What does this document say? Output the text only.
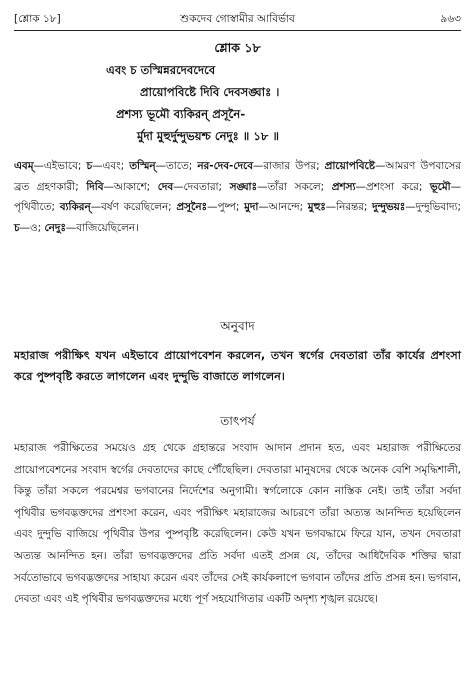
[শ্লোক ১৮]	শুকদেব গোস্বামীর আবির্ভাব	৯৬৩
শ্লোক ১৮
এবং চ তস্মিন্নরদেবদেবে
প্রায়োপবিষ্টে দিবি দেবসঙ্ঘাঃ ।
প্রশস্য ভূমৌ ব্যকিরন্‌ প্রসূনৈ-
র্মুদা মুহুর্দুন্দুভয়শ্চ নেদুঃ ॥ ১৮ ॥
এবম্‌—এইভাবে; চ—এবং; তস্মিন্‌—তাতে; নর-দেব-দেবে—রাজার উপর; প্রায়োপবিষ্টে—আমরণ উপবাসের ব্রত গ্রহণকারী; দিবি—আকাশে; দেব—দেবতারা; সঙ্ঘাঃ—তাঁরা সকলে; প্রশস্য—প্রশংসা করে; ভূমৌ—পৃথিবীতে; ব্যকিরন্‌—বর্ষণ করেছিলেন; প্রসূনৈঃ—পুষ্প; মুদা—আনন্দে; মুহুঃ—নিরন্তর; দুন্দুভয়ঃ—দুন্দুভিবাদ্য; চ—ও; নেদুঃ—বাজিয়েছিলেন।
অনুবাদ
মহারাজ পরীক্ষিৎ যখন এইভাবে প্রায়োপবেশন করলেন, তখন স্বর্গের দেবতারা তাঁর কার্যের প্রশংসা করে পুষ্পবৃষ্টি করতে লাগলেন এবং দুন্দুভি বাজাতে লাগলেন।
তাৎপর্য
মহারাজ পরীক্ষিতের সময়েও গ্রহ থেকে গ্রহান্তরে সংবাদ আদান প্রদান হত, এবং মহারাজ পরীক্ষিতের প্রায়োপবেশনের সংবাদ স্বর্গের দেবতাদের কাছে পৌঁছেছিল। দেবতারা মানুষদের থেকে অনেক বেশি সমৃদ্ধিশালী, কিন্তু তাঁরা সকলে পরমেশ্বর ভগবানের নির্দেশের অনুগামী। স্বর্গলোকে কোন নাস্তিক নেই। তাই তাঁরা সর্বদা পৃথিবীর ভগবদ্ভক্তদের প্রশংসা করেন, এবং পরীক্ষিৎ মহারাজের আচরণে তাঁরা অত্যন্ত আনন্দিত হয়েছিলেন এবং দুন্দুভি বাজিয়ে পৃথিবীর উপর পুষ্পবৃষ্টি করেছিলেন। কেউ যখন ভগবদ্ধামে ফিরে যান, তখন দেবতারা অত্যন্ত আনন্দিত হন। তাঁরা ভগবদ্ভক্তদের প্রতি সর্বদা এতই প্রসন্ন যে, তাঁদের আধিদৈবিক শক্তির দ্বারা সর্বতোভাবে ভগবদ্ভক্তদের সাহায্য করেন এবং তাঁদের সেই কার্যকলাপে ভগবান তাঁদের প্রতি প্রসন্ন হন। ভগবান, দেবতা এবং এই পৃথিবীর ভগবদ্ভক্তদের মধ্যে পূর্ণ সহযোগিতার একটি অদৃশ্য শৃঙ্খল রয়েছে।
